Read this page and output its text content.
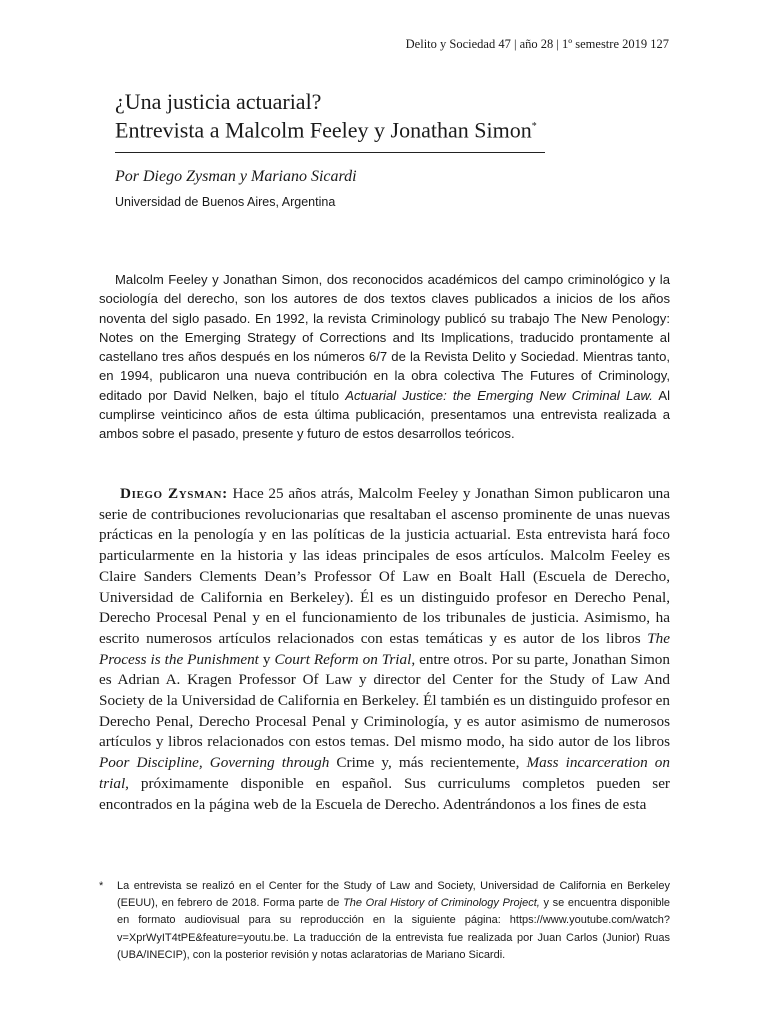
Delito y Sociedad 47 | año 28 | 1º semestre 2019 127
¿Una justicia actuarial?
Entrevista a Malcolm Feeley y Jonathan Simon*
Por Diego Zysman y Mariano Sicardi
Universidad de Buenos Aires, Argentina

Malcolm Feeley y Jonathan Simon, dos reconocidos académicos del campo criminológico y la sociología del derecho, son los autores de dos textos claves publicados a inicios de los años noventa del siglo pasado. En 1992, la revista Criminology publicó su trabajo The New Penology: Notes on the Emerging Strategy of Corrections and Its Implications, traducido prontamente al castellano tres años después en los números 6/7 de la Revista Delito y Sociedad. Mientras tanto, en 1994, publicaron una nueva contribución en la obra colectiva The Futures of Criminology, editado por David Nelken, bajo el título Actuarial Justice: the Emerging New Criminal Law. Al cumplirse veinticinco años de esta última publicación, presentamos una entrevista realizada a ambos sobre el pasado, presente y futuro de estos desarrollos teóricos.

Diego Zysman: Hace 25 años atrás, Malcolm Feeley y Jonathan Simon publicaron una serie de contribuciones revolucionarias que resaltaban el ascenso prominente de unas nuevas prácticas en la penología y en las políticas de la justicia actuarial. Esta entrevista hará foco particularmente en la historia y las ideas principales de esos artículos. Malcolm Feeley es Claire Sanders Clements Dean’s Professor Of Law en Boalt Hall (Escuela de Derecho, Universidad de California en Berkeley). Él es un distinguido profesor en Derecho Penal, Derecho Procesal Penal y en el funcionamiento de los tribunales de justicia. Asimismo, ha escrito numerosos artículos relacionados con estas temáticas y es autor de los libros The Process is the Punishment y Court Reform on Trial, entre otros. Por su parte, Jonathan Simon es Adrian A. Kragen Professor Of Law y director del Center for the Study of Law And Society de la Universidad de California en Berkeley. Él también es un distinguido profesor en Derecho Penal, Derecho Procesal Penal y Criminología, y es autor asimismo de numerosos artículos y libros relacionados con estos temas. Del mismo modo, ha sido autor de los libros Poor Discipline, Governing through Crime y, más recientemente, Mass incarceration on trial, próximamente disponible en español. Sus curriculums completos pueden ser encontrados en la página web de la Escuela de Derecho. Adentrándonos a los fines de esta

* La entrevista se realizó en el Center for the Study of Law and Society, Universidad de California en Berkeley (EEUU), en febrero de 2018. Forma parte de The Oral History of Criminology Project, y se encuentra disponible en formato audiovisual para su reproducción en la siguiente página: https://www.youtube.com/watch?v=XprWyIT4tPE&feature=youtu.be. La traducción de la entrevista fue realizada por Juan Carlos (Junior) Ruas (UBA/INECIP), con la posterior revisión y notas aclaratorias de Mariano Sicardi.
